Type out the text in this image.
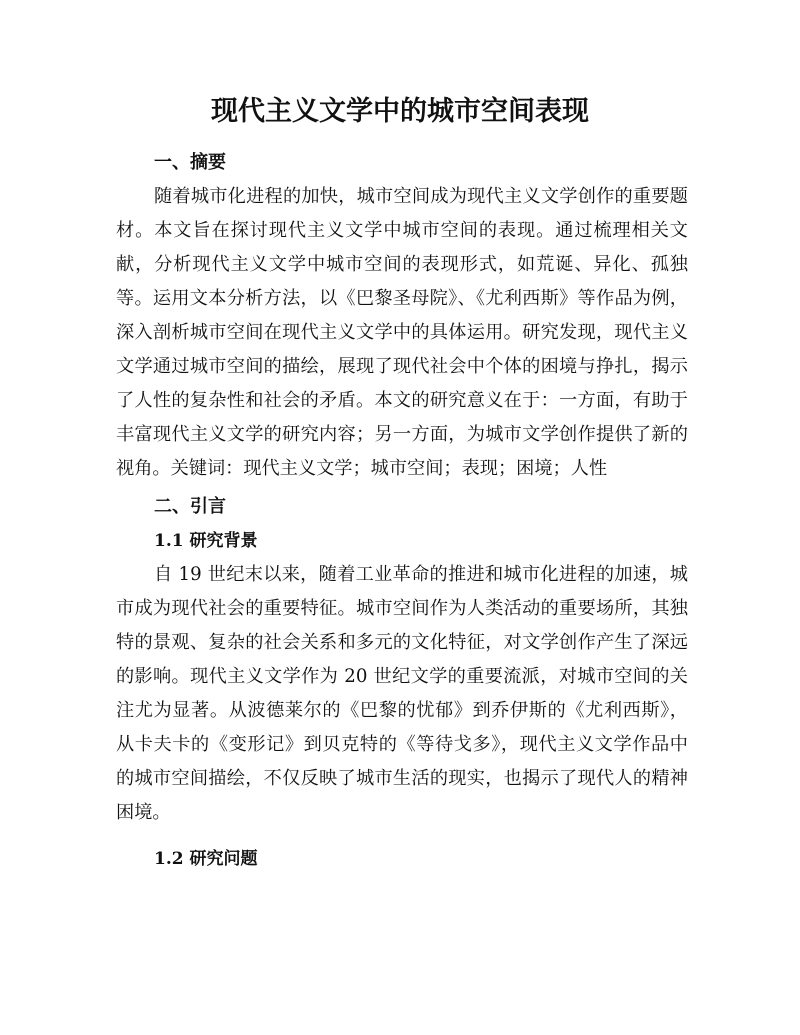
现代主义文学中的城市空间表现
一、摘要

随着城市化进程的加快，城市空间成为现代主义文学创作的重要题材。本文旨在探讨现代主义文学中城市空间的表现。通过梳理相关文献，分析现代主义文学中城市空间的表现形式，如荒诞、异化、孤独等。运用文本分析方法，以《巴黎圣母院》、《尤利西斯》等作品为例，深入剖析城市空间在现代主义文学中的具体运用。研究发现，现代主义文学通过城市空间的描绘，展现了现代社会中个体的困境与挣扎，揭示了人性的复杂性和社会的矛盾。本文的研究意义在于：一方面，有助于丰富现代主义文学的研究内容；另一方面，为城市文学创作提供了新的视角。关键词：现代主义文学；城市空间；表现；困境；人性

二、引言
1.1 研究背景

自 19 世纪末以来，随着工业革命的推进和城市化进程的加速，城市成为现代社会的重要特征。城市空间作为人类活动的重要场所，其独特的景观、复杂的社会关系和多元的文化特征，对文学创作产生了深远的影响。现代主义文学作为 20 世纪文学的重要流派，对城市空间的关注尤为显著。从波德莱尔的《巴黎的忧郁》到乔伊斯的《尤利西斯》，从卡夫卡的《变形记》到贝克特的《等待戈多》，现代主义文学作品中的城市空间描绘，不仅反映了城市生活的现实，也揭示了现代人的精神困境。

1.2 研究问题
